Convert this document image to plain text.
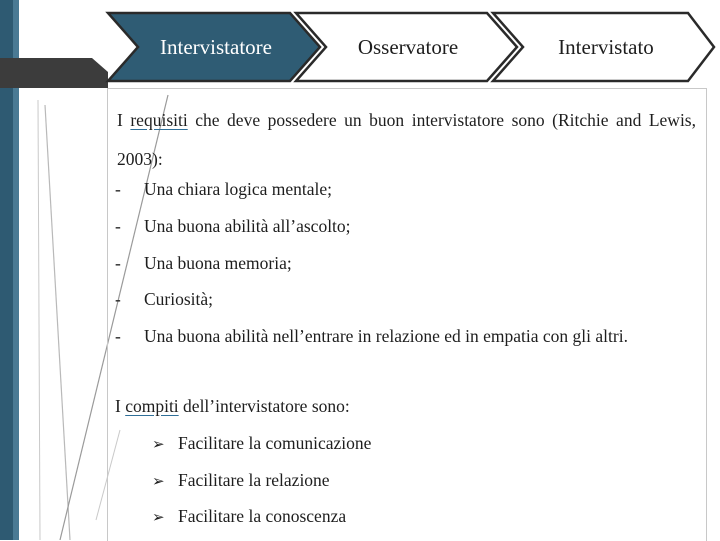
Intervistatore	Osservatore	Intervistato
I requisiti che deve possedere un buon intervistatore sono (Ritchie and Lewis, 2003):
- Una chiara logica mentale;
- Una buona abilità all’ascolto;
- Una buona memoria;
- Curiosità;
- Una buona abilità nell’entrare in relazione ed in empatia con gli altri.
I compiti dell’intervistatore sono:
➢ Facilitare la comunicazione
➢ Facilitare la relazione
➢ Facilitare la conoscenza
